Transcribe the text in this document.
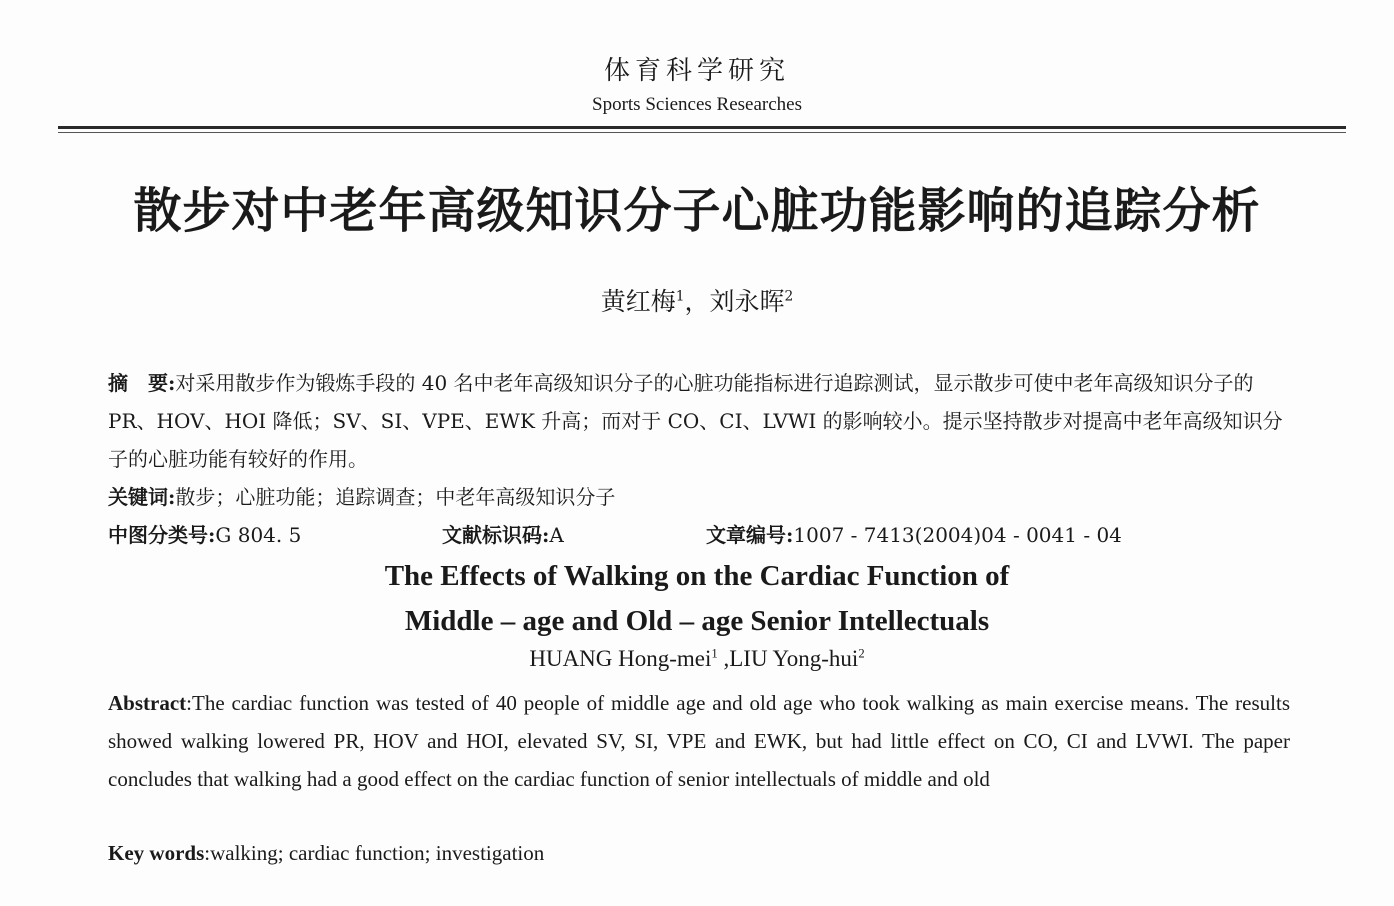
体育科学研究
Sports Sciences Researches
散步对中老年高级知识分子心脏功能影响的追踪分析
黄红梅$^1$，刘永晖$^2$
摘　要:对采用散步作为锻炼手段的 40 名中老年高级知识分子的心脏功能指标进行追踪测试，显示散步可使中老年高级知识分子的 PR、HOV、HOI 降低；SV、SI、VPE、EWK 升高；而对于 CO、CI、LVWI 的影响较小。提示坚持散步对提高中老年高级知识分子的心脏功能有较好的作用。
关键词:散步；心脏功能；追踪调查；中老年高级知识分子
中图分类号:G 804. 5	文献标识码:A	文章编号:1007 - 7413(2004)04 - 0041 - 04
The Effects of Walking on the Cardiac Function of
Middle – age and Old – age Senior Intellectuals
HUANG Hong-mei$^1$ ,LIU Yong-hui$^2$
Abstract:The cardiac function was tested of 40 people of middle age and old age who took walking as main exercise means. The results showed walking lowered PR, HOV and HOI, elevated SV, SI, VPE and EWK, but had little effect on CO, CI and LVWI. The paper concludes that walking had a good effect on the cardiac function of senior intellectuals of middle and old
Key words:walking; cardiac function; investigation
